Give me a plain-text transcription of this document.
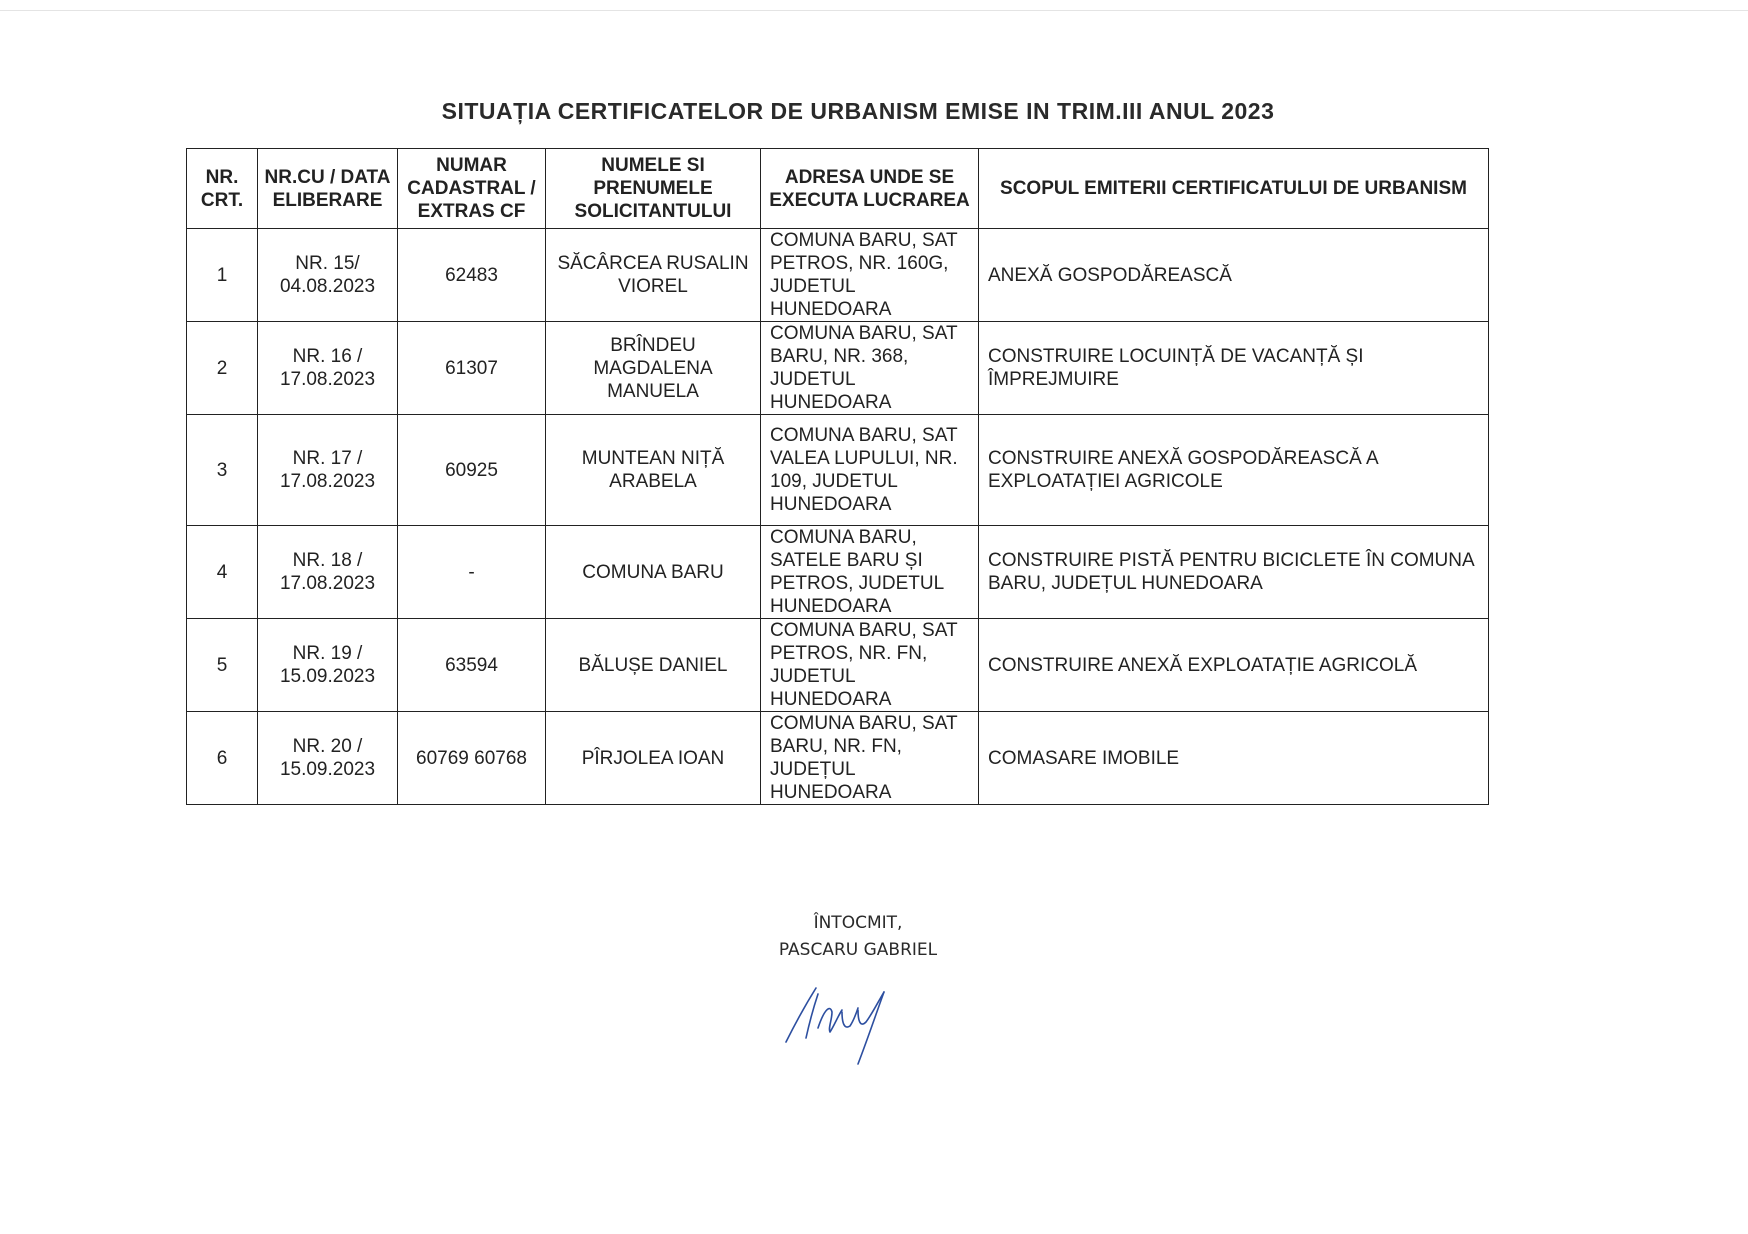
SITUAȚIA CERTIFICATELOR DE URBANISM EMISE IN TRIM.III ANUL 2023
NR. CRT.	NR.CU / DATA ELIBERARE	NUMAR CADASTRAL / EXTRAS CF	NUMELE SI PRENUMELE SOLICITANTULUI	ADRESA UNDE SE EXECUTA LUCRAREA	SCOPUL EMITERII CERTIFICATULUI DE URBANISM
1	NR. 15/ 04.08.2023	62483	SĂCÂRCEA RUSALIN VIOREL	COMUNA BARU, SAT PETROS, NR. 160G, JUDETUL HUNEDOARA	ANEXĂ GOSPODĂREASCĂ
2	NR. 16 / 17.08.2023	61307	BRÎNDEU MAGDALENA MANUELA	COMUNA BARU, SAT BARU, NR. 368, JUDETUL HUNEDOARA	CONSTRUIRE LOCUINȚĂ DE VACANȚĂ ȘI ÎMPREJMUIRE
3	NR. 17 / 17.08.2023	60925	MUNTEAN NIȚĂ ARABELA	COMUNA BARU, SAT VALEA LUPULUI, NR. 109, JUDETUL HUNEDOARA	CONSTRUIRE ANEXĂ GOSPODĂREASCĂ A EXPLOATAȚIEI AGRICOLE
4	NR. 18 / 17.08.2023	-	COMUNA BARU	COMUNA BARU, SATELE BARU ȘI PETROS, JUDETUL HUNEDOARA	CONSTRUIRE PISTĂ PENTRU BICICLETE ÎN COMUNA BARU, JUDEȚUL HUNEDOARA
5	NR. 19 / 15.09.2023	63594	BĂLUȘE DANIEL	COMUNA BARU, SAT PETROS, NR. FN, JUDETUL HUNEDOARA	CONSTRUIRE ANEXĂ EXPLOATAȚIE AGRICOLĂ
6	NR. 20 / 15.09.2023	60769 60768	PÎRJOLEA IOAN	COMUNA BARU, SAT BARU, NR. FN, JUDEȚUL HUNEDOARA	COMASARE IMOBILE
ÎNTOCMIT,
PASCARU GABRIEL
